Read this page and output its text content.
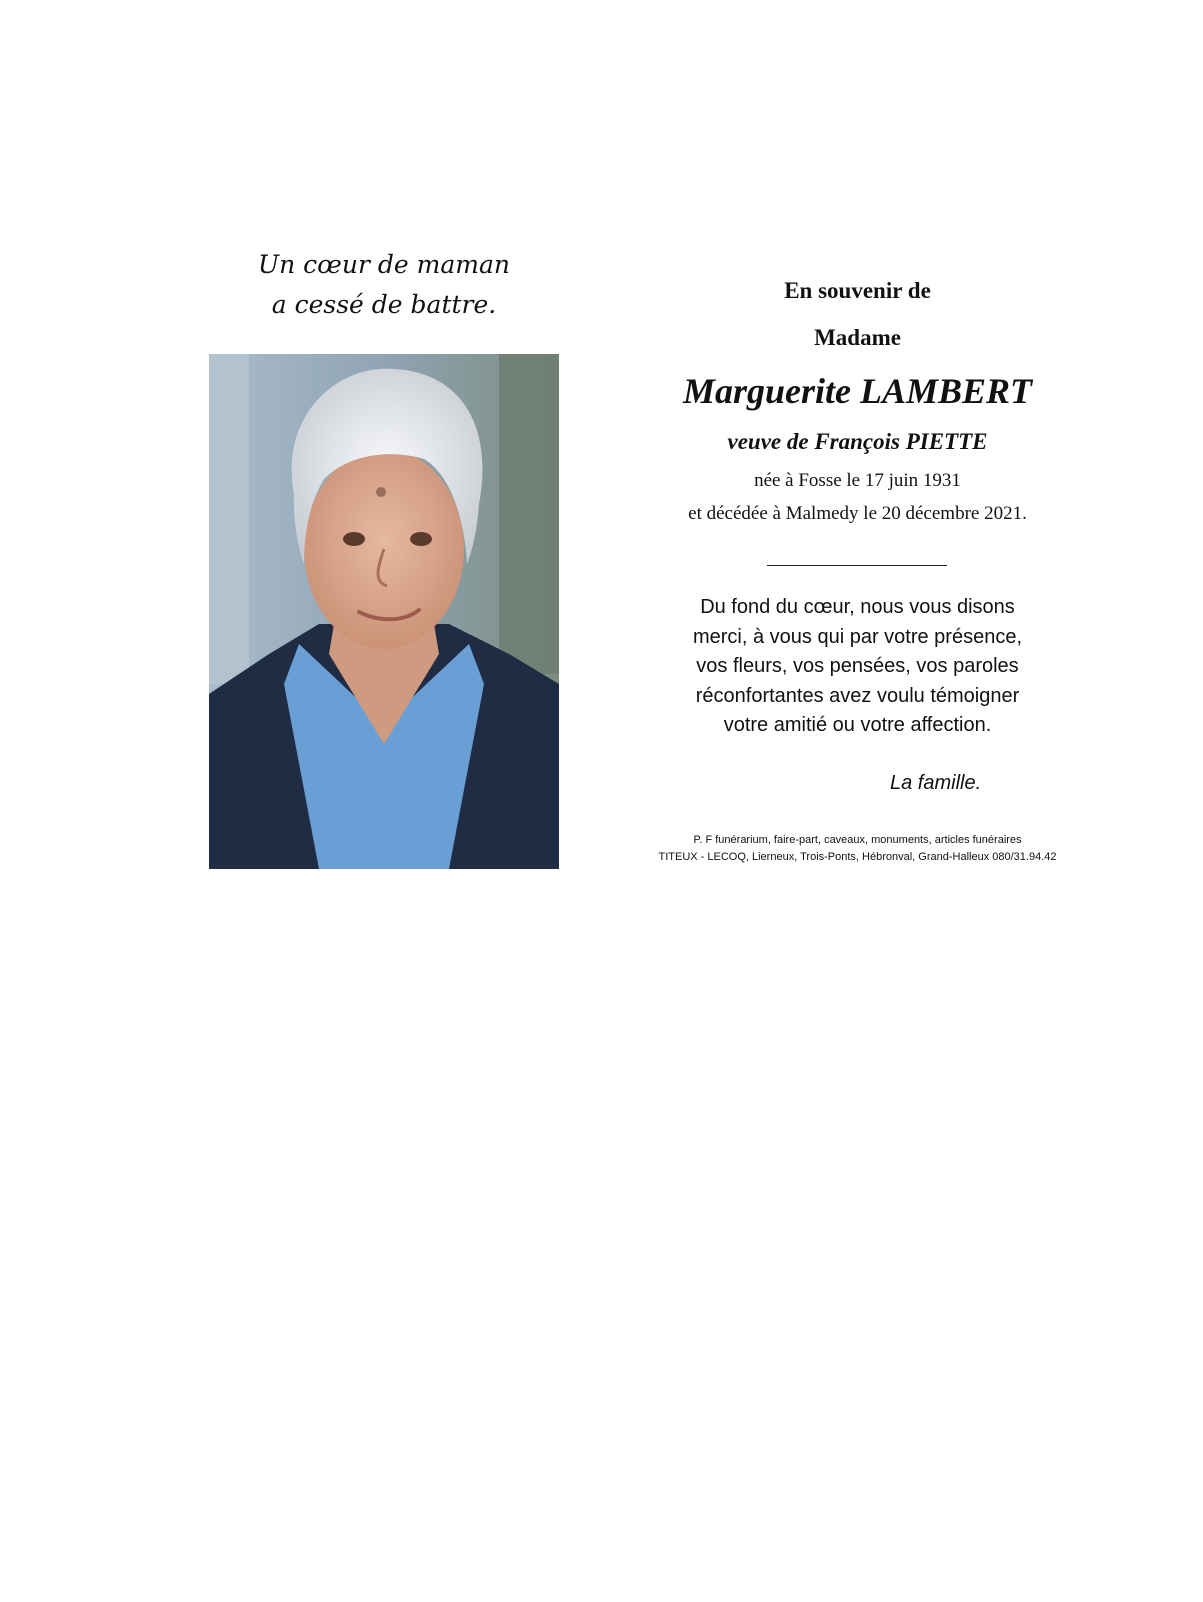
Un cœur de maman

a cessé de battre.	En souvenir de

Madame

Marguerite LAMBERT

veuve de François PIETTE

née à Fosse le 17 juin 1931

et décédée à Malmedy le 20 décembre 2021.

Du fond du cœur, nous vous disons
merci, à vous qui par votre présence,
vos fleurs, vos pensées, vos paroles
réconfortantes avez voulu témoigner
votre amitié ou votre affection.

La famille.

P. F funérarium, faire-part, caveaux, monuments, articles funéraires

TITEUX - LECOQ, Lierneux, Trois-Ponts, Hébronval, Grand-Halleux 080/31.94.42
